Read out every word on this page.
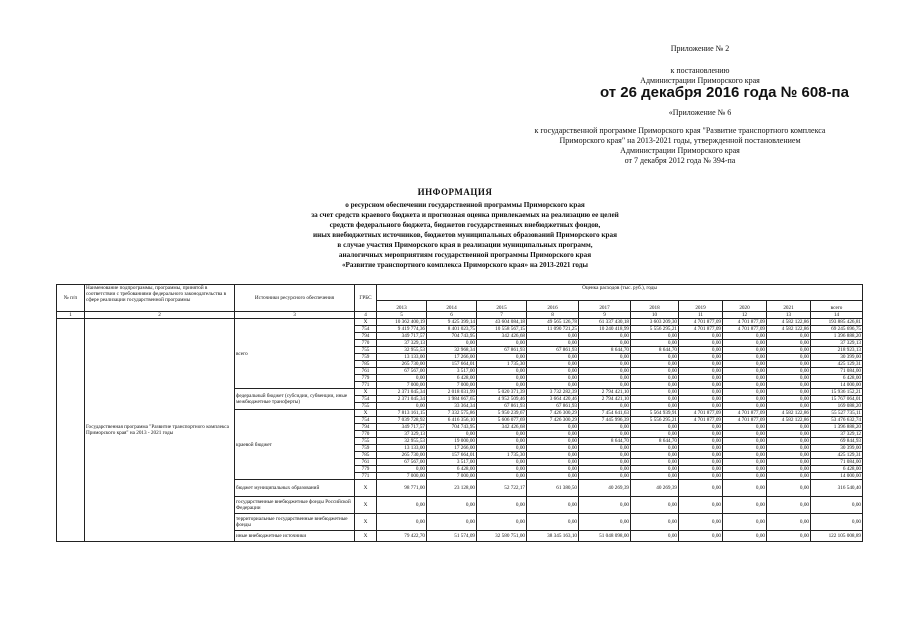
Приложение № 2
к постановлению
Администрации Приморского края
от 26 декабря 2016 года № 608-па
«Приложение № 6
к государственной программе Приморского края "Развитие транспортного комплекса
Приморского края" на 2013-2021 годы, утвержденной постановлением
Администрации Приморского края
от 7 декабря 2012 года № 394-па
ИНФОРМАЦИЯ
о ресурсном обеспечении государственной программы Приморского края
за счет средств краевого бюджета и прогнозная оценка привлекаемых на реализацию ее целей
средств федерального бюджета, бюджетов государственных внебюджетных фондов,
иных внебюджетных источников, бюджетов муниципальных образований Приморского края
в случае участия Приморского края в реализации муниципальных программ,
аналогичных мероприятиям государственной программы Приморского края
«Развитие транспортного комплекса Приморского края» на 2013-2021 годы
№ п/п	Наименование подпрограммы, программы, принятой в соответствии с требованиями федерального законодательства в сфере реализации государственной программы	Источники ресурсного обеспечения	ГРБС	Оценка расходов (тыс. руб.), годы									
				2013	2014	2015	2016	2017	2018	2019	2020	2021	всего
1	2	3	4	5	6	7	8	9	10	11	12	13	14
	Государственная программа "Развитие транспортного комплекса Приморского края" на 2013 - 2021 годы	всего	X	10 362 400,19	9 425 399,14	43 604 084,18	49 565 126,78	61 337 430,18	3 603 209,30	4 701 877,09	4 701 877,09	4 582 122,86	193 885 426,81
			754	9 419 774,36	8 401 023,75	10 558 567,15	11 090 721,25	10 240 418,99	5 556 295,21	4 701 877,09	4 701 877,09	4 582 122,86	69 245 696,75
			794	349 717,57	704 743,95	342 426,68	0,00	0,00	0,00	0,00	0,00	0,00	1 396 888,20
			770	37 329,13	0,00	0,00	0,00	0,00	0,00	0,00	0,00	0,00	37 329,13
			755	32 955,53	32 968,34	67 861,93	67 861,93	8 644,70	8 644,70	0,00	0,00	0,00	218 923,13
			759	13 133,00	17 266,00	0,00	0,00	0,00	0,00	0,00	0,00	0,00	30 399,00
			785	265 730,00	157 664,01	1 735,30	0,00	0,00	0,00	0,00	0,00	0,00	425 129,31
			761	67 567,00	3 517,00	0,00	0,00	0,00	0,00	0,00	0,00	0,00	71 084,00
			779	0,00	6 428,00	0,00	0,00	0,00	0,00	0,00	0,00	0,00	6 428,00
			771	7 000,00	7 000,00	0,00	0,00	0,00	0,00	0,00	0,00	0,00	14 000,00
		федеральный бюджет (субсидии, субвенции, иные межбюджетные трансферты)	X	2 371 045,34	2 018 031,99	5 020 371,39	3 732 282,39	2 794 421,10	0,00	0,00	0,00	0,00	15 936 152,21
			754	2 371 045,34	1 984 667,65	4 952 509,46	3 664 420,46	2 794 421,10	0,00	0,00	0,00	0,00	15 767 064,01
			755	0,00	33 364,34	67 861,93	67 861,93	0,00	0,00	0,00	0,00	0,00	169 088,20
		краевой бюджет	X	7 813 161,15	7 332 575,86	5 950 239,67	7 426 300,29	7 454 641,63	5 564 939,91	4 701 877,09	4 701 877,09	4 582 122,86	55 527 735,11
			754	7 039 728,92	6 416 356,10	5 606 077,69	7 426 300,29	7 445 996,39	5 556 295,21	4 701 877,09	4 701 877,09	4 582 122,86	53 476 632,74
			794	349 717,57	704 743,95	342 426,68	0,00	0,00	0,00	0,00	0,00	0,00	1 396 888,20
			770	37 329,13	0,00	0,00	0,00	0,00	0,00	0,00	0,00	0,00	37 329,12
			755	32 955,53	19 000,00	0,00	0,00	8 644,70	8 644,70	0,00	0,00	0,00	69 844,93
			759	13 133,00	17 266,00	0,00	0,00	0,00	0,00	0,00	0,00	0,00	30 399,00
			785	265 730,00	157 664,01	1 735,30	0,00	0,00	0,00	0,00	0,00	0,00	425 129,31
			761	67 567,00	3 517,00	0,00	0,00	0,00	0,00	0,00	0,00	0,00	71 084,00
			779	0,00	6 428,00	0,00	0,00	0,00	0,00	0,00	0,00	0,00	6 428,00
			771	7 000,00	7 000,00	0,00	0,00	0,00	0,00	0,00	0,00	0,00	14 000,00
		бюджет муниципальных образований	X	98 771,00	23 128,00	52 722,17	61 380,50	40 269,39	40 269,39	0,00	0,00	0,00	316 540,40
		государственные внебюджетные фонды Российской Федерации	X	0,00	0,00	0,00	0,00	0,00	0,00	0,00	0,00	0,00	0,00
		территориальные государственные внебюджетные фонды	X	0,00	0,00	0,00	0,00	0,00	0,00	0,00	0,00	0,00	0,00
		иные внебюджетные источники	X	79 422,70	51 574,09	32 580 751,00	38 345 163,10	51 048 098,00	0,00	0,00	0,00	0,00	122 105 008,89
